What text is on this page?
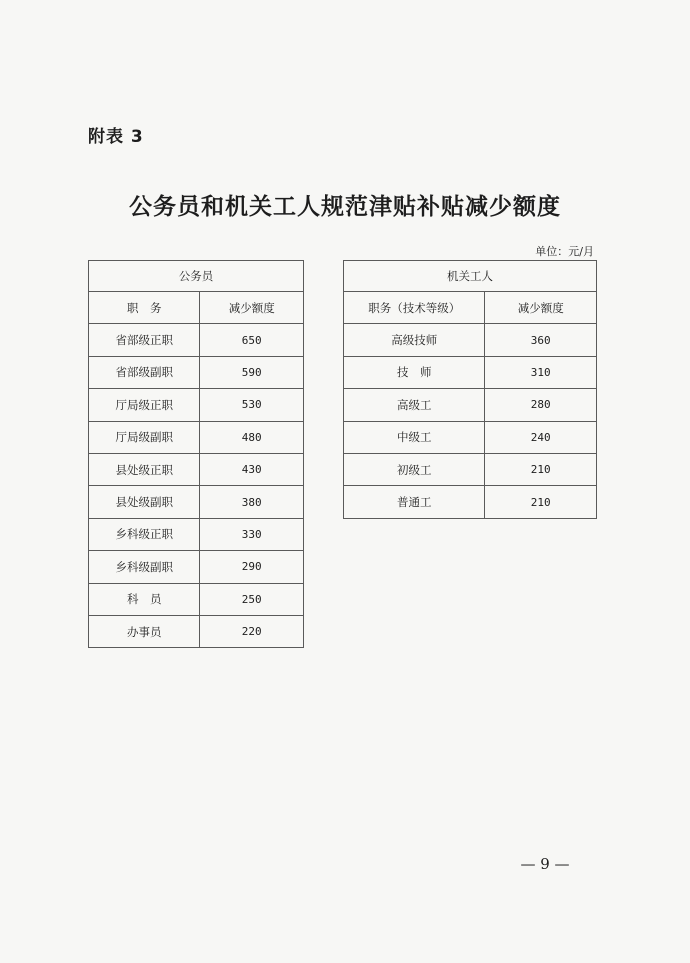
附表 3
公务员和机关工人规范津贴补贴减少额度
单位：元/月
公务员	
职　务	减少额度
省部级正职	650
省部级副职	590
厅局级正职	530
厅局级副职	480
县处级正职	430
县处级副职	380
乡科级正职	330
乡科级副职	290
科　员	250
办事员	220
机关工人	
职务（技术等级）	减少额度
高级技师	360
技　师	310
高级工	280
中级工	240
初级工	210
普通工	210
— 9 —
